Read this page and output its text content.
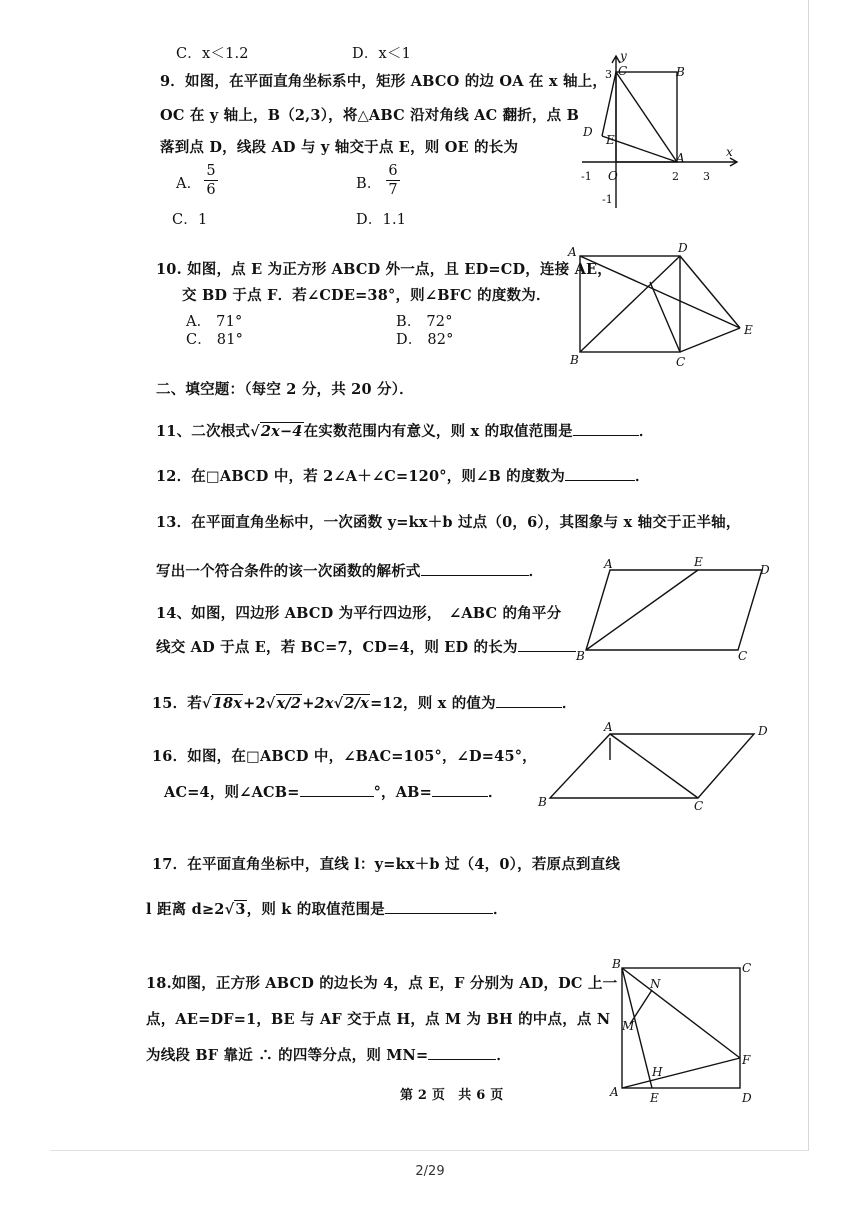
C．x＜1.2	D．x＜1
9．如图，在平面直角坐标系中，矩形 ABCO 的边 OA 在 x 轴上，
OC 在 y 轴上，B（2,3），将△ABC 沿对角线 AC 翻折，点 B
落到点 D，线段 AD 与 y 轴交于点 E，则 OE 的长为
A． $\frac{5}{6}$	B． $\frac{6}{7}$
C．1	D．1.1
y
x
C	B
D
E
A
O
-1	2 3
3
-1
10. 如图，点 E 为正方形 ABCD 外一点，且 ED=CD，连接 AE，
交 BD 于点 F．若∠CDE=38°，则∠BFC 的度数为．
A． 71°	B． 72°
C． 81°	D． 82°
A	D
B	C
E
二、填空题：（每空 2 分，共 20 分）．
11、二次根式√2x−4在实数范围内有意义，则 x 的取值范围是	．
12．在□ABCD 中，若 2∠A＋∠C=120°，则∠B 的度数为	．
13．在平面直角坐标中，一次函数 y=kx＋b 过点（0，6），其图象与 x 轴交于正半轴，
写出一个符合条件的该一次函数的解析式	．
14、如图，四边形 ABCD 为平行四边形，　∠ABC 的角平分
线交 AD 于点 E，若 BC=7，CD=4，则 ED 的长为
A	E
D
B	C
15．若√18x+2√x/2+2x√2/x=12，则 x 的值为	．
16．如图，在□ABCD 中，∠BAC=105°，∠D=45°，
AC=4，则∠ACB=	°，AB=	．
A	D
B	C
17．在平面直角坐标中，直线 l：y=kx＋b 过（4，0），若原点到直线
l 距离 d≥2√3，则 k 的取值范围是	．
18.如图，正方形 ABCD 的边长为 4，点 E，F 分别为 AD，DC 上一
点，AE=DF=1，BE 与 AF 交于点 H，点 M 为 BH 的中点，点 N
为线段 BF 靠近 ∴ 的四等分点，则 MN=	．
B	C
N
M
F
H
A	E	D
第 2 页　共 6 页
2/29
